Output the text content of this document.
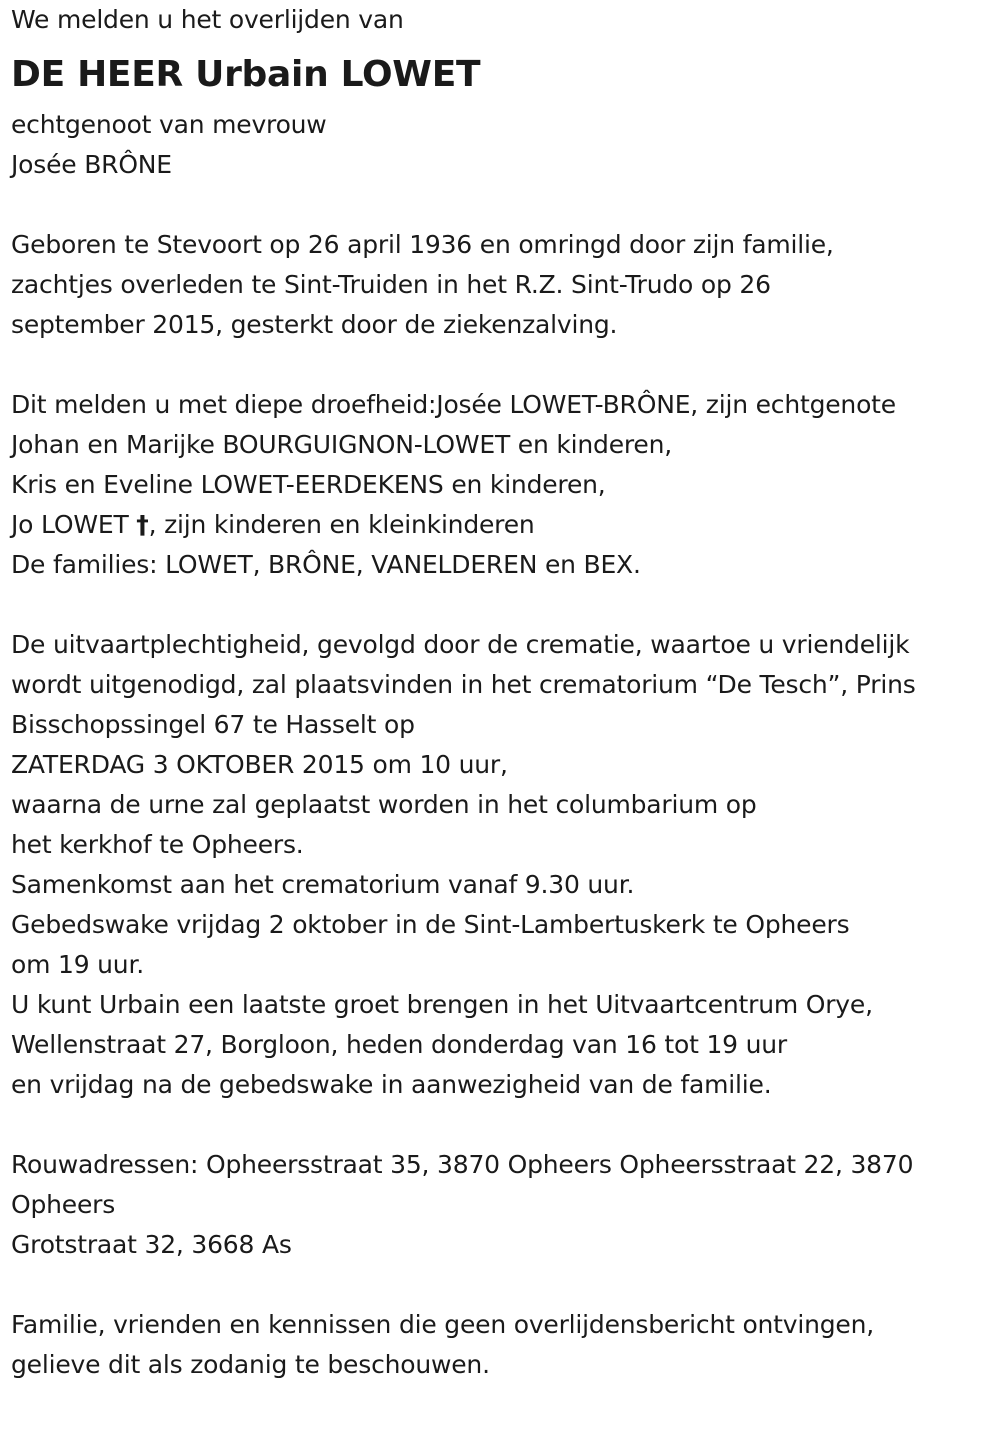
We melden u het overlijden van
DE HEER Urbain LOWET
echtgenoot van mevrouw
Josée BRÔNE
Geboren te Stevoort op 26 april 1936 en omringd door zijn familie,
zachtjes overleden te Sint-Truiden in het R.Z. Sint-Trudo op 26
september 2015, gesterkt door de ziekenzalving.
Dit melden u met diepe droefheid:Josée LOWET-BRÔNE, zijn echtgenote
Johan en Marijke BOURGUIGNON-LOWET en kinderen,
Kris en Eveline LOWET-EERDEKENS en kinderen,
Jo LOWET †, zijn kinderen en kleinkinderen
De families: LOWET, BRÔNE, VANELDEREN en BEX.
De uitvaartplechtigheid, gevolgd door de crematie, waartoe u vriendelijk
wordt uitgenodigd, zal plaatsvinden in het crematorium “De Tesch”, Prins
Bisschopssingel 67 te Hasselt op
ZATERDAG 3 OKTOBER 2015 om 10 uur,
waarna de urne zal geplaatst worden in het columbarium op
het kerkhof te Opheers.
Samenkomst aan het crematorium vanaf 9.30 uur.
Gebedswake vrijdag 2 oktober in de Sint-Lambertuskerk te Opheers
om 19 uur.
U kunt Urbain een laatste groet brengen in het Uitvaartcentrum Orye,
Wellenstraat 27, Borgloon, heden donderdag van 16 tot 19 uur
en vrijdag na de gebedswake in aanwezigheid van de familie.
Rouwadressen: Opheersstraat 35, 3870 Opheers Opheersstraat 22, 3870
Opheers
Grotstraat 32, 3668 As
Familie, vrienden en kennissen die geen overlijdensbericht ontvingen,
gelieve dit als zodanig te beschouwen.
